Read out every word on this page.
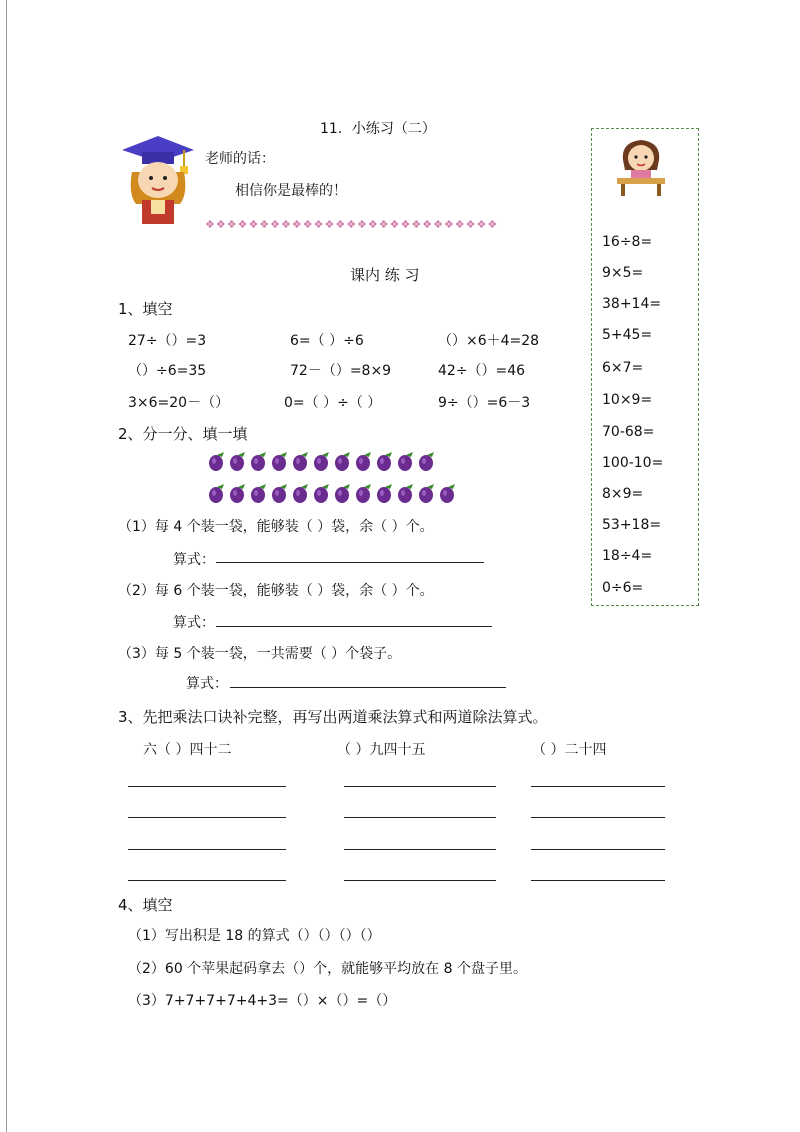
11．小练习（二）
老师的话：
相信你是最棒的！
❖❖❖❖❖❖❖❖❖❖❖❖❖❖❖❖❖❖❖❖❖❖❖❖❖❖❖
课内 练 习
1、填空
27÷（）=3	6=（ ）÷6	（）×6＋4=28
（）÷6=35	72－（）=8×9	42÷（）=46
3×6=20－（）	0=（ ）÷（ ）	9÷（）=6－3
2、分一分、填一填
（1）每 4 个装一袋，能够装（ ）袋，余（ ）个。
算式：
（2）每 6 个装一袋，能够装（ ）袋，余（ ）个。
算式：
（3）每 5 个装一袋，一共需要（ ）个袋子。
算式：
3、先把乘法口诀补完整，再写出两道乘法算式和两道除法算式。
六（ ）四十二	（ ）九四十五	（ ）二十四
4、填空
（1）写出积是 18 的算式（）（）（）（）
（2）60 个苹果起码拿去（）个，就能够平均放在 8 个盘子里。
（3）7+7+7+7+4+3=（）×（）=（）
16÷8=
9×5=
38+14=
5+45=
6×7=
10×9=
70-68=
100-10=
8×9=
53+18=
18÷4=
0÷6=
